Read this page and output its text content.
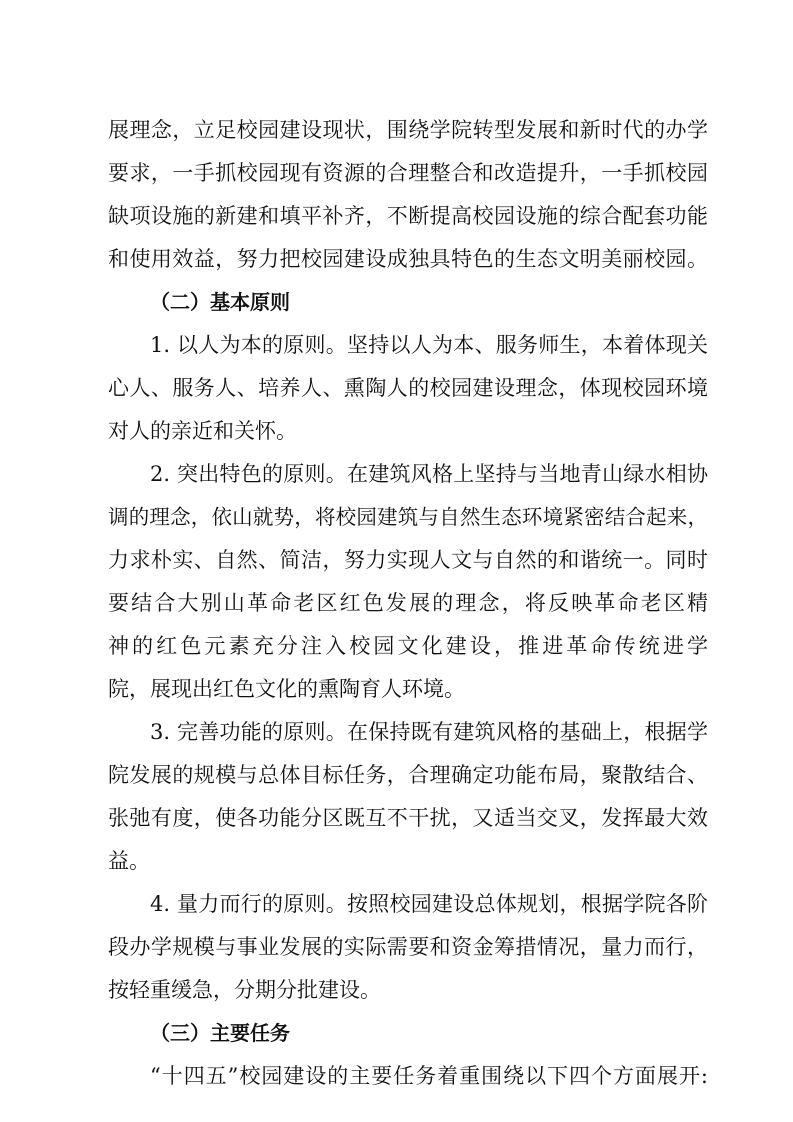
展理念，立足校园建设现状，围绕学院转型发展和新时代的办学
要求，一手抓校园现有资源的合理整合和改造提升，一手抓校园
缺项设施的新建和填平补齐，不断提高校园设施的综合配套功能
和使用效益，努力把校园建设成独具特色的生态文明美丽校园。
（二）基本原则
1. 以人为本的原则。坚持以人为本、服务师生，本着体现关
心人、服务人、培养人、熏陶人的校园建设理念，体现校园环境
对人的亲近和关怀。
2. 突出特色的原则。在建筑风格上坚持与当地青山绿水相协
调的理念，依山就势，将校园建筑与自然生态环境紧密结合起来，
力求朴实、自然、简洁，努力实现人文与自然的和谐统一。同时
要结合大别山革命老区红色发展的理念，将反映革命老区精
神的红色元素充分注入校园文化建设，推进革命传统进学
院，展现出红色文化的熏陶育人环境。
3. 完善功能的原则。在保持既有建筑风格的基础上，根据学
院发展的规模与总体目标任务，合理确定功能布局，聚散结合、
张弛有度，使各功能分区既互不干扰，又适当交叉，发挥最大效
益。
4. 量力而行的原则。按照校园建设总体规划，根据学院各阶
段办学规模与事业发展的实际需要和资金筹措情况，量力而行，
按轻重缓急，分期分批建设。
（三）主要任务
“十四五”校园建设的主要任务着重围绕以下四个方面展开:
